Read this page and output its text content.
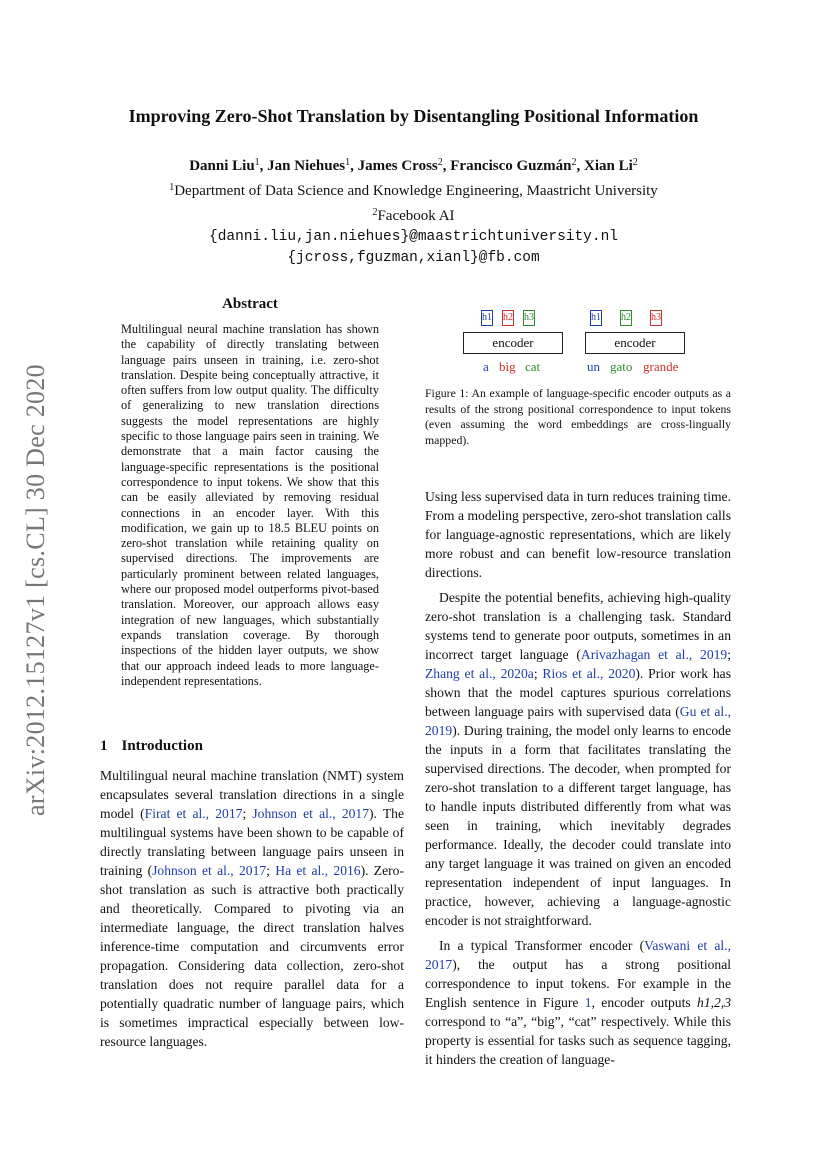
Improving Zero-Shot Translation by Disentangling Positional Information
Danni Liu$^1$, Jan Niehues$^1$, James Cross$^2$, Francisco Guzmán$^2$, Xian Li$^2$
$^1$Department of Data Science and Knowledge Engineering, Maastricht University
$^2$Facebook AI
{danni.liu,jan.niehues}@maastrichtuniversity.nl
{jcross,fguzman,xianl}@fb.com
arXiv:2012.15127v1 [cs.CL] 30 Dec 2020
Abstract
Multilingual neural machine translation has shown the capability of directly translating between language pairs unseen in training, i.e. zero-shot translation. Despite being conceptually attractive, it often suffers from low output quality. The difficulty of generalizing to new translation directions suggests the model representations are highly specific to those language pairs seen in training. We demonstrate that a main factor causing the language-specific representations is the positional correspondence to input tokens. We show that this can be easily alleviated by removing residual connections in an encoder layer. With this modification, we gain up to 18.5 BLEU points on zero-shot translation while retaining quality on supervised directions. The improvements are particularly prominent between related languages, where our proposed model outperforms pivot-based translation. Moreover, our approach allows easy integration of new languages, which substantially expands translation coverage. By thorough inspections of the hidden layer outputs, we show that our approach indeed leads to more language-independent representations.
1 Introduction
Multilingual neural machine translation (NMT) system encapsulates several translation directions in a single model (Firat et al., 2017; Johnson et al., 2017). The multilingual systems have been shown to be capable of directly translating between language pairs unseen in training (Johnson et al., 2017; Ha et al., 2016). Zero-shot translation as such is attractive both practically and theoretically. Compared to pivoting via an intermediate language, the direct translation halves inference-time computation and circumvents error propagation. Considering data collection, zero-shot translation does not require parallel data for a potentially quadratic number of language pairs, which is sometimes impractical especially between low-resource languages.
h1 h2 h3
encoder
a big cat
h1 h2 h3
encoder
un gato grande
Figure 1: An example of language-specific encoder outputs as a results of the strong positional correspondence to input tokens (even assuming the word embeddings are cross-lingually mapped).

Using less supervised data in turn reduces training time. From a modeling perspective, zero-shot translation calls for language-agnostic representations, which are likely more robust and can benefit low-resource translation directions.

Despite the potential benefits, achieving high-quality zero-shot translation is a challenging task. Standard systems tend to generate poor outputs, sometimes in an incorrect target language (Arivazhagan et al., 2019; Zhang et al., 2020a; Rios et al., 2020). Prior work has shown that the model captures spurious correlations between language pairs with supervised data (Gu et al., 2019). During training, the model only learns to encode the inputs in a form that facilitates translating the supervised directions. The decoder, when prompted for zero-shot translation to a different target language, has to handle inputs distributed differently from what was seen in training, which inevitably degrades performance. Ideally, the decoder could translate into any target language it was trained on given an encoded representation independent of input languages. In practice, however, achieving a language-agnostic encoder is not straightforward.

In a typical Transformer encoder (Vaswani et al., 2017), the output has a strong positional correspondence to input tokens. For example in the English sentence in Figure 1, encoder outputs h1,2,3 correspond to “a”, “big”, “cat” respectively. While this property is essential for tasks such as sequence tagging, it hinders the creation of language-
